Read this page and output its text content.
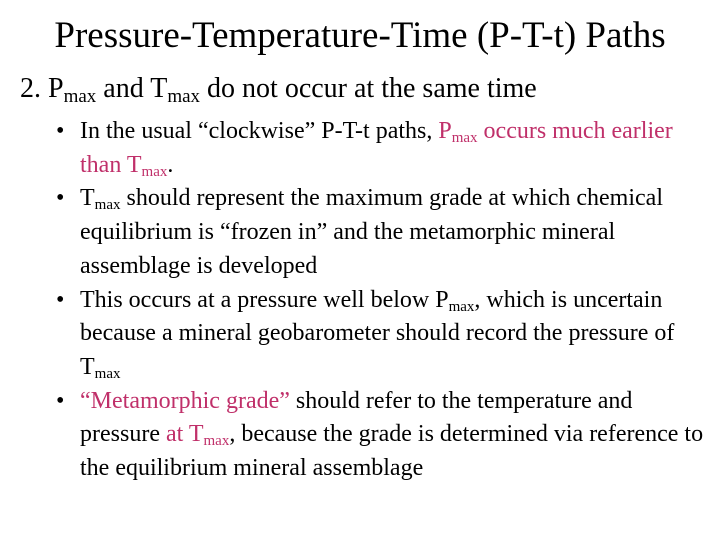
Pressure-Temperature-Time (P-T-t) Paths
2. $P_{max}$ and $T_{max}$ do not occur at the same time
• In the usual “clockwise” P-T-t paths, $P_{max}$ occurs much earlier than $T_{max}$.
• $T_{max}$ should represent the maximum grade at which chemical equilibrium is “frozen in” and the metamorphic mineral assemblage is developed
• This occurs at a pressure well below $P_{max}$, which is uncertain because a mineral geobarometer should record the pressure of $T_{max}$
• “Metamorphic grade” should refer to the temperature and pressure at $T_{max}$, because the grade is determined via reference to the equilibrium mineral assemblage
